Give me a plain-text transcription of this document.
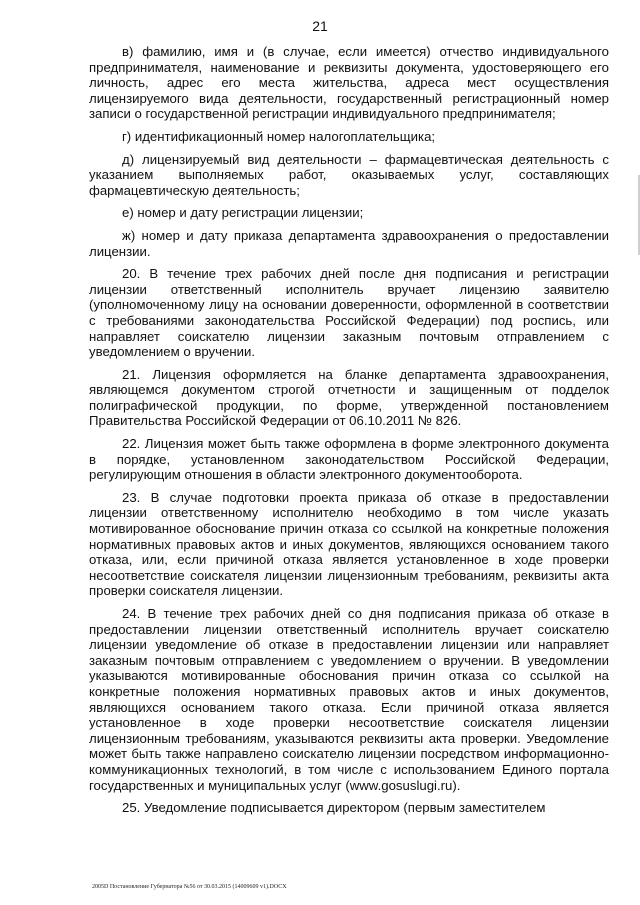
21

в) фамилию, имя и (в случае, если имеется) отчество индивидуального предпринимателя, наименование и реквизиты документа, удостоверяющего его личность, адрес его места жительства, адреса мест осуществления лицензируемого вида деятельности, государственный регистрационный номер записи о государственной регистрации индивидуального предпринимателя;

г) идентификационный номер налогоплательщика;

д) лицензируемый вид деятельности – фармацевтическая деятельность с указанием выполняемых работ, оказываемых услуг, составляющих фармацевтическую деятельность;

е) номер и дату регистрации лицензии;

ж) номер и дату приказа департамента здравоохранения о предоставлении лицензии.

20. В течение трех рабочих дней после дня подписания и регистрации лицензии ответственный исполнитель вручает лицензию заявителю (уполномоченному лицу на основании доверенности, оформленной в соответствии с требованиями законодательства Российской Федерации) под роспись, или направляет соискателю лицензии заказным почтовым отправлением с уведомлением о вручении.

21. Лицензия оформляется на бланке департамента здравоохранения, являющемся документом строгой отчетности и защищенным от подделок полиграфической продукции, по форме, утвержденной постановлением Правительства Российской Федерации от 06.10.2011 № 826.

22. Лицензия может быть также оформлена в форме электронного документа в порядке, установленном законодательством Российской Федерации, регулирующим отношения в области электронного документооборота.

23. В случае подготовки проекта приказа об отказе в предоставлении лицензии ответственному исполнителю необходимо в том числе указать мотивированное обоснование причин отказа со ссылкой на конкретные положения нормативных правовых актов и иных документов, являющихся основанием такого отказа, или, если причиной отказа является установленное в ходе проверки несоответствие соискателя лицензии лицензионным требованиям, реквизиты акта проверки соискателя лицензии.

24. В течение трех рабочих дней со дня подписания приказа об отказе в предоставлении лицензии ответственный исполнитель вручает соискателю лицензии уведомление об отказе в предоставлении лицензии или направляет заказным почтовым отправлением с уведомлением о вручении. В уведомлении указываются мотивированные обоснования причин отказа со ссылкой на конкретные положения нормативных правовых актов и иных документов, являющихся основанием такого отказа. Если причиной отказа является установленное в ходе проверки несоответствие соискателя лицензии лицензионным требованиям, указываются реквизиты акта проверки. Уведомление может быть также направлено соискателю лицензии посредством информационно-коммуникационных технологий, в том числе с использованием Единого портала государственных и муниципальных услуг (www.gosuslugi.ru).

25. Уведомление подписывается директором (первым заместителем

2005D Постановление Губернатора №56 от 30.03.2015 (14009609 v1).DOCX
